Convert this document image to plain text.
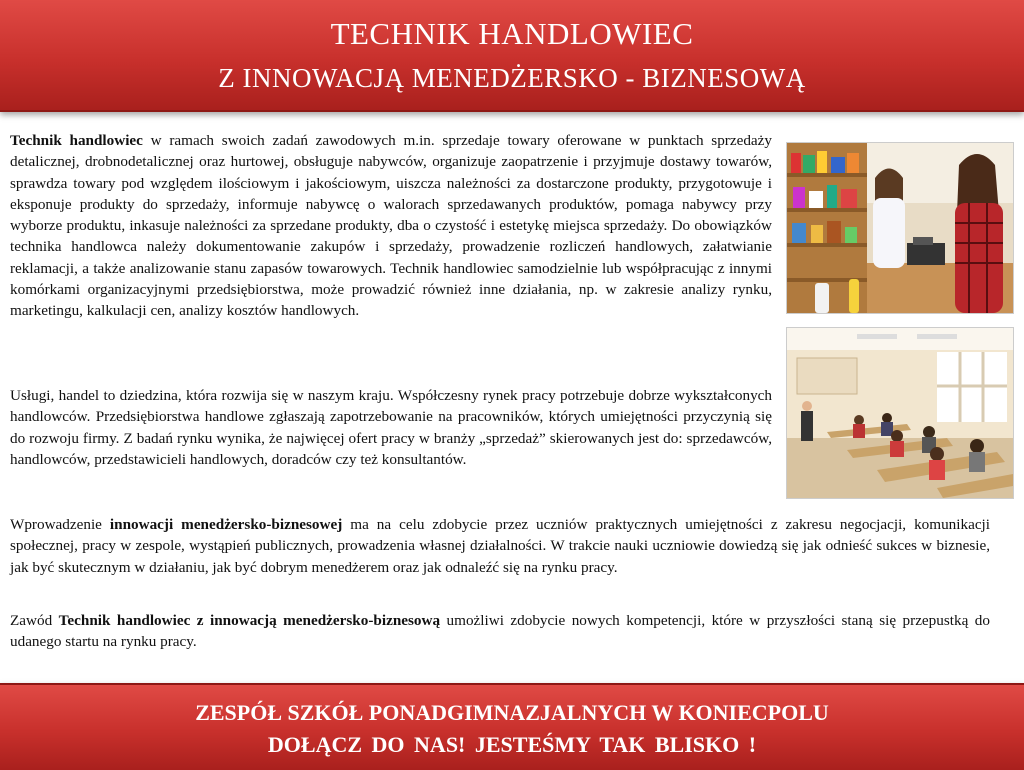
TECHNIK HANDLOWIEC
Z INNOWACJĄ MENEDŻERSKO - BIZNESOWĄ

Technik handlowiec w ramach swoich zadań zawodowych m.in. sprzedaje towary oferowane w punktach sprzedaży detalicznej, drobnodetalicznej oraz hurtowej, obsługuje nabywców, organizuje zaopatrzenie i przyjmuje dostawy towarów, sprawdza towary pod względem ilościowym i jakościowym, uiszcza należności za dostarczone produkty, przygotowuje i eksponuje produkty do sprzedaży, informuje nabywcę o walorach sprzedawanych produktów, pomaga nabywcy przy wyborze produktu, inkasuje należności za sprzedane produkty, dba o czystość i estetykę miejsca sprzedaży. Do obowiązków technika handlowca należy dokumentowanie zakupów i sprzedaży, prowadzenie rozliczeń handlowych, załatwianie reklamacji, a także analizowanie stanu zapasów towarowych. Technik handlowiec samodzielnie lub współpracując z innymi komórkami organizacyjnymi przedsiębiorstwa, może prowadzić również inne działania, np. w zakresie analizy rynku, marketingu, kalkulacji cen, analizy kosztów handlowych.

Usługi, handel to dziedzina, która rozwija się w naszym kraju. Współczesny rynek pracy potrzebuje dobrze wykształconych handlowców. Przedsiębiorstwa handlowe zgłaszają zapotrzebowanie na pracowników, których umiejętności przyczynią się do rozwoju firmy. Z badań rynku wynika, że najwięcej ofert pracy w branży „sprzedaż” skierowanych jest do: sprzedawców, handlowców, przedstawicieli handlowych, doradców czy też konsultantów.

Wprowadzenie innowacji menedżersko-biznesowej ma na celu zdobycie przez uczniów praktycznych umiejętności z zakresu negocjacji, komunikacji społecznej, pracy w zespole, wystąpień publicznych, prowadzenia własnej działalności. W trakcie nauki uczniowie dowiedzą się jak odnieść sukces w biznesie, jak być skutecznym w działaniu, jak być dobrym menedżerem oraz jak odnaleźć się na rynku pracy.

Zawód Technik handlowiec z innowacją menedżersko-biznesową umożliwi zdobycie nowych kompetencji, które w przyszłości staną się przepustką do udanego startu na rynku pracy.

ZESPÓŁ SZKÓŁ PONADGIMNAZJALNYCH W KONIECPOLU
DOŁĄCZ DO NAS! JESTEŚMY TAK BLISKO !
